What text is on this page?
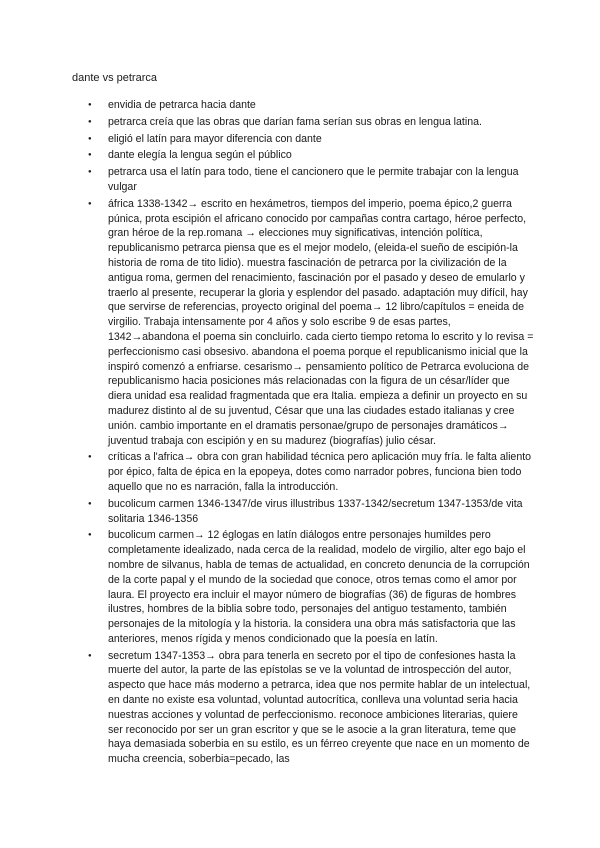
dante vs petrarca

● envidia de petrarca hacia dante
● petrarca creía que las obras que darían fama serían sus obras en lengua latina.
● eligió el latín para mayor diferencia con dante
● dante elegía la lengua según el público
● petrarca usa el latín para todo, tiene el cancionero que le permite trabajar con la lengua vulgar
● áfrica 1338-1342→ escrito en hexámetros, tiempos del imperio, poema épico,2 guerra púnica, prota escipión el africano conocido por campañas contra cartago, héroe perfecto, gran héroe de la rep.romana → elecciones muy significativas, intención política, republicanismo petrarca piensa que es el mejor modelo, (eleida-el sueño de escipión-la historia de roma de tito lidio). muestra fascinación de petrarca por la civilización de la antigua roma, germen del renacimiento, fascinación por el pasado y deseo de emularlo y traerlo al presente, recuperar la gloria y esplendor del pasado. adaptación muy difícil, hay que servirse de referencias, proyecto original del poema→ 12 libro/capítulos = eneida de virgilio. Trabaja intensamente por 4 años y solo escribe 9 de esas partes, 1342→abandona el poema sin concluirlo. cada cierto tiempo retoma lo escrito y lo revisa = perfeccionismo casi obsesivo. abandona el poema porque el republicanismo inicial que la inspiró comenzó a enfriarse. cesarismo→ pensamiento político de Petrarca evoluciona de republicanismo hacia posiciones más relacionadas con la figura de un césar/líder que diera unidad esa realidad fragmentada que era Italia. empieza a definir un proyecto en su madurez distinto al de su juventud, César que una las ciudades estado italianas y cree unión. cambio importante en el dramatis personae/grupo de personajes dramáticos→ juventud trabaja con escipión y en su madurez (biografías) julio césar.
● críticas a l'africa→ obra con gran habilidad técnica pero aplicación muy fría. le falta aliento por épico, falta de épica en la epopeya, dotes como narrador pobres, funciona bien todo aquello que no es narración, falla la introducción.
● bucolicum carmen 1346-1347/de virus illustribus 1337-1342/secretum 1347-1353/de vita solitaria 1346-1356
● bucolicum carmen→ 12 églogas en latín diálogos entre personajes humildes pero completamente idealizado, nada cerca de la realidad, modelo de virgilio, alter ego bajo el nombre de silvanus, habla de temas de actualidad, en concreto denuncia de la corrupción de la corte papal y el mundo de la sociedad que conoce, otros temas como el amor por laura. El proyecto era incluir el mayor número de biografías (36) de figuras de hombres ilustres, hombres de la biblia sobre todo, personajes del antiguo testamento, también personajes de la mitología y la historia. la considera una obra más satisfactoria que las anteriores, menos rígida y menos condicionado que la poesía en latín.
● secretum 1347-1353→ obra para tenerla en secreto por el tipo de confesiones hasta la muerte del autor, la parte de las epístolas se ve la voluntad de introspección del autor, aspecto que hace más moderno a petrarca, idea que nos permite hablar de un intelectual, en dante no existe esa voluntad, voluntad autocrítica, conlleva una voluntad seria hacia nuestras acciones y voluntad de perfeccionismo. reconoce ambiciones literarias, quiere ser reconocido por ser un gran escritor y que se le asocie a la gran literatura, teme que haya demasiada soberbia en su estilo, es un férreo creyente que nace en un momento de mucha creencia, soberbia=pecado, las
